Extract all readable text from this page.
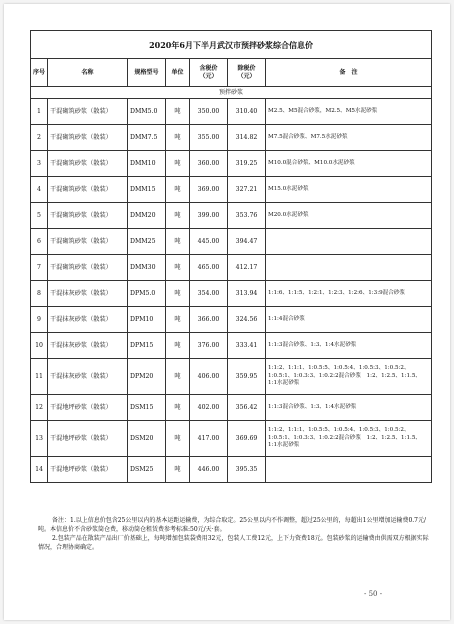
2020年6月下半月武汉市预拌砂浆综合信息价						
序号	名称	规格型号	单位	含税价（元）	除税价（元）	备　注
预拌砂浆						
1	干混砌筑砂浆（散装）	DMM5.0	吨	350.00	310.40	M2.5、M5混合砂浆，M2.5、M5水泥砂浆
2	干混砌筑砂浆（散装）	DMM7.5	吨	355.00	314.82	M7.5混合砂浆、M7.5水泥砂浆
3	干混砌筑砂浆（散装）	DMM10	吨	360.00	319.25	M10.0混合砂浆、M10.0水泥砂浆
4	干混砌筑砂浆（散装）	DMM15	吨	369.00	327.21	M15.0水泥砂浆
5	干混砌筑砂浆（散装）	DMM20	吨	399.00	353.76	M20.0水泥砂浆
6	干混砌筑砂浆（散装）	DMM25	吨	445.00	394.47	
7	干混砌筑砂浆（散装）	DMM30	吨	465.00	412.17	
8	干混抹灰砂浆（散装）	DPM5.0	吨	354.00	313.94	1:1:6、1:1:5、1:2:1、1:2:3、1:2:6、1:3:9混合砂浆
9	干混抹灰砂浆（散装）	DPM10	吨	366.00	324.56	1:1:4混合砂浆
10	干混抹灰砂浆（散装）	DPM15	吨	376.00	333.41	1:1:3混合砂浆、1:3、1:4水泥砂浆
11	干混抹灰砂浆（散装）	DPM20	吨	406.00	359.95	1:1:2、1:1:1、1:0.5:5、1:0.5:4、1:0.5:3、1:0.5:2、1:0.5:1、1:0.3:3、1:0.2:2混合砂浆　1:2、1:2.5、1:1.5、1:1水泥砂浆
12	干混地坪砂浆（散装）	DSM15	吨	402.00	356.42	1:1:3混合砂浆、1:3、1:4水泥砂浆
13	干混地坪砂浆（散装）	DSM20	吨	417.00	369.69	1:1:2、1:1:1、1:0.5:5、1:0.5:4、1:0.5:3、1:0.5:2、1:0.5:1、1:0.3:3、1:0.2:2混合砂浆　1:2、1:2.5、1:1.5、1:1水泥砂浆
14	干混地坪砂浆（散装）	DSM25	吨	446.00	395.35	

备注：1.以上信息价包含25公里以内的基本运距运输费，为综合取定。25公里以内不作调整，超过25公里的，每超出1公里增加运输费0.7元/吨。本信息价不含砂浆筒仓费，移动筒仓租赁费参考标准:50元/天·套。

2.包装产品在散装产品出厂价基础上，每吨增加包装袋费用32元，包装人工费12元，上下力资费18元。包装砂浆的运输费由供需双方根据实际情况，合理协商确定。

- 50 -
